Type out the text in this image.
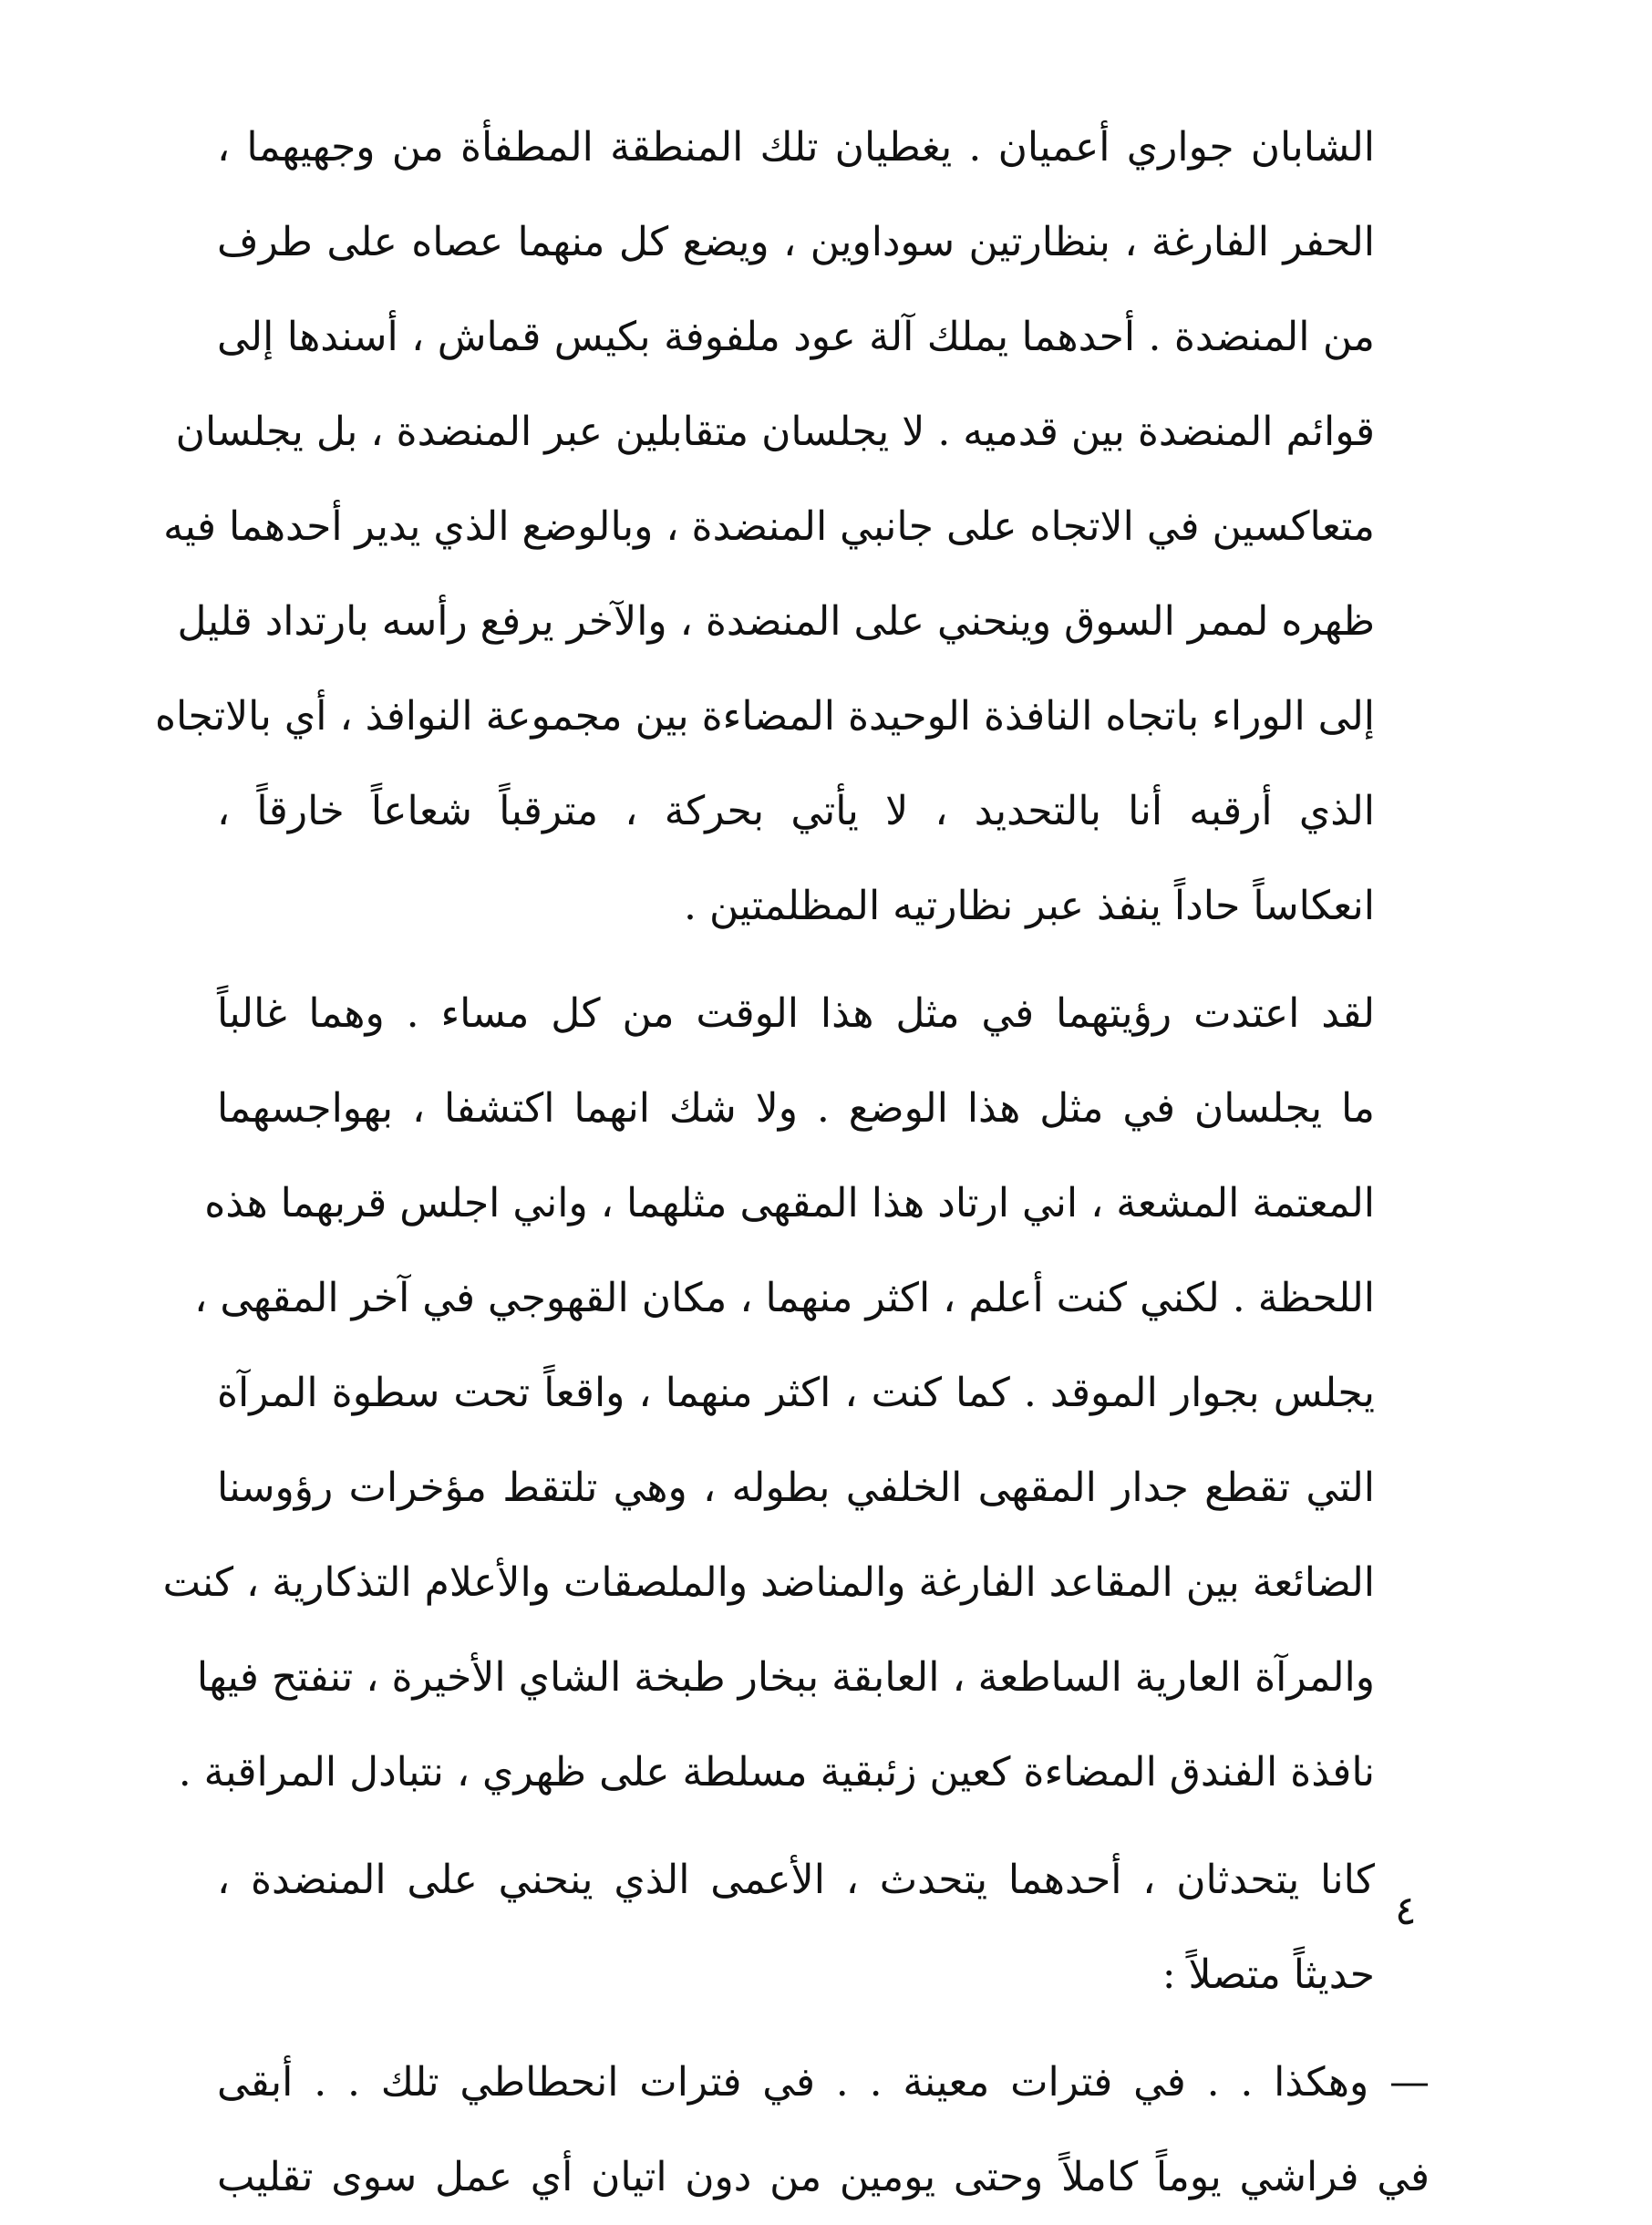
الشابان جواري أعميان . يغطيان تلك المنطقة المطفأة من وجهيهما ،
الحفر الفارغة ، بنظارتين سوداوين ، ويضع كل منهما عصاه على طرف
من المنضدة . أحدهما يملك آلة عود ملفوفة بكيس قماش ، أسندها إلى
قوائم المنضدة بين قدميه . لا يجلسان متقابلين عبر المنضدة ، بل يجلسان
متعاكسين في الاتجاه على جانبي المنضدة ، وبالوضع الذي يدير أحدهما فيه
ظهره لممر السوق وينحني على المنضدة ، والآخر يرفع رأسه بارتداد قليل
إلى الوراء باتجاه النافذة الوحيدة المضاءة بين مجموعة النوافذ ، أي بالاتجاه
الذي أرقبه أنا بالتحديد ، لا يأتي بحركة ، مترقباً شعاعاً خارقاً ،
انعكاساً حاداً ينفذ عبر نظارتيه المظلمتين .

لقد اعتدت رؤيتهما في مثل هذا الوقت من كل مساء . وهما غالباً
ما يجلسان في مثل هذا الوضع . ولا شك انهما اكتشفا ، بهواجسهما
المعتمة المشعة ، اني ارتاد هذا المقهى مثلهما ، واني اجلس قربهما هذه
اللحظة . لكني كنت أعلم ، اكثر منهما ، مكان القهوجي في آخر المقهى ،
يجلس بجوار الموقد . كما كنت ، اكثر منهما ، واقعاً تحت سطوة المرآة
التي تقطع جدار المقهى الخلفي بطوله ، وهي تلتقط مؤخرات رؤوسنا
الضائعة بين المقاعد الفارغة والمناضد والملصقات والأعلام التذكارية ، كنت
والمرآة العارية الساطعة ، العابقة ببخار طبخة الشاي الأخيرة ، تنفتح فيها
نافذة الفندق المضاءة كعين زئبقية مسلطة على ظهري ، نتبادل المراقبة .

كانا يتحدثان ، أحدهما يتحدث ، الأعمى الذي ينحني على المنضدة ،
حديثاً متصلاً :

— وهكذا . . في فترات معينة . . في فترات انحطاطي تلك . . أبقى
في فراشي يوماً كاملاً وحتى يومين من دون اتيان أي عمل سوى تقليب

٤
